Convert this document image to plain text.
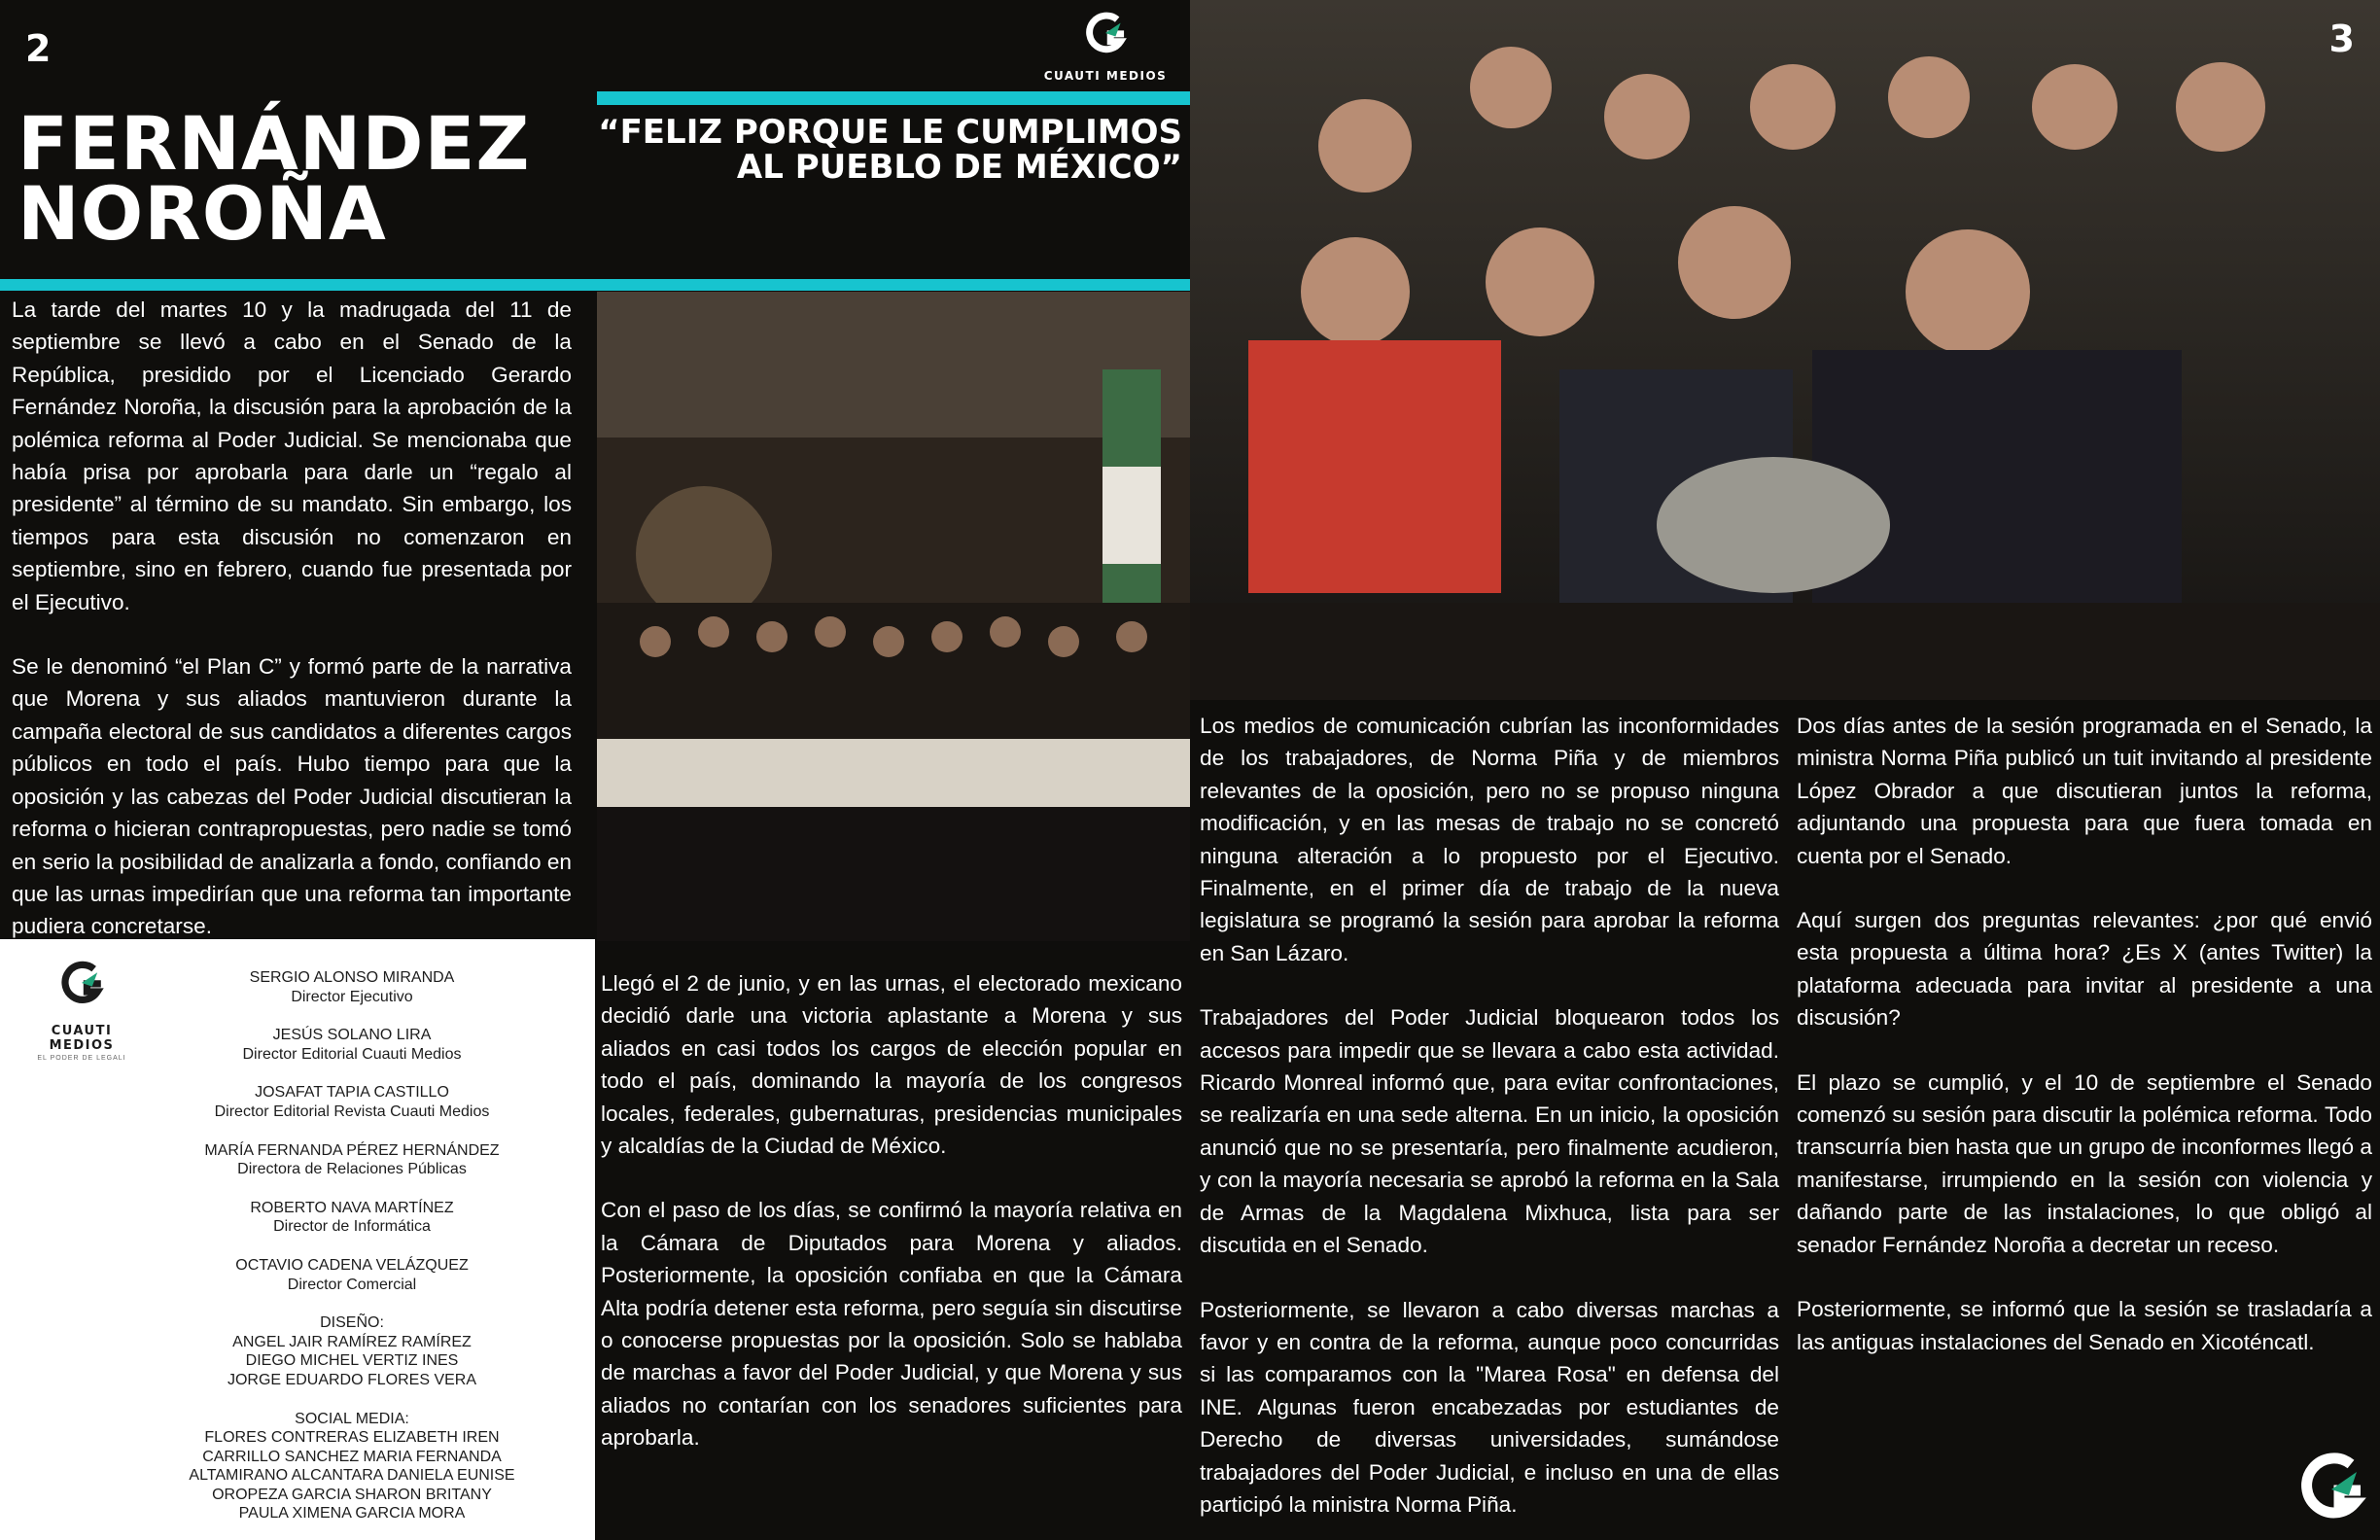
2
FERNÁNDEZ
NOROÑA
CUAUTI MEDIOS
“FELIZ PORQUE LE CUMPLIMOS
AL PUEBLO DE MÉXICO”

La tarde del martes 10 y la madrugada del 11 de septiembre se llevó a cabo en el Senado de la República, presidido por el Licenciado Gerardo Fernández Noroña, la discusión para la aprobación de la polémica reforma al Poder Judicial. Se mencionaba que había prisa por aprobarla para darle un “regalo al presidente” al término de su mandato. Sin embargo, los tiempos para esta discusión no comenzaron en septiembre, sino en febrero, cuando fue presentada por el Ejecutivo.

Se le denominó “el Plan C” y formó parte de la narrativa que Morena y sus aliados mantuvieron durante la campaña electoral de sus candidatos a diferentes cargos públicos en todo el país. Hubo tiempo para que la oposición y las cabezas del Poder Judicial discutieran la reforma o hicieran contrapropuestas, pero nadie se tomó en serio la posibilidad de analizarla a fondo, confiando en que las urnas impedirían que una reforma tan importante pudiera concretarse.

Llegó el 2 de junio, y en las urnas, el electorado mexicano decidió darle una victoria aplastante a Morena y sus aliados en casi todos los cargos de elección popular en todo el país, dominando la mayoría de los congresos locales, federales, gubernaturas, presidencias municipales y alcaldías de la Ciudad de México.

Con el paso de los días, se confirmó la mayoría relativa en la Cámara de Diputados para Morena y aliados. Posteriormente, la oposición confiaba en que la Cámara Alta podría detener esta reforma, pero seguía sin discutirse o conocerse propuestas por la oposición. Solo se hablaba de marchas a favor del Poder Judicial, y que Morena y sus aliados no contarían con los senadores suficientes para aprobarla.

CUAUTI MEDIOS
EL PODER DE LEGALI
SERGIO ALONSO MIRANDA
Director Ejecutivo
JESÚS SOLANO LIRA
Director Editorial Cuauti Medios
JOSAFAT TAPIA CASTILLO
Director Editorial Revista Cuauti Medios
MARÍA FERNANDA PÉREZ HERNÁNDEZ
Directora de Relaciones Públicas
ROBERTO NAVA MARTÍNEZ
Director de Informática
OCTAVIO CADENA VELÁZQUEZ
Director Comercial
DISEÑO:
ANGEL JAIR RAMÍREZ RAMÍREZ
DIEGO MICHEL VERTIZ INES
JORGE EDUARDO FLORES VERA
SOCIAL MEDIA:
FLORES CONTRERAS ELIZABETH IREN
CARRILLO SANCHEZ MARIA FERNANDA
ALTAMIRANO ALCANTARA DANIELA EUNISE
OROPEZA GARCIA SHARON BRITANY
PAULA XIMENA GARCIA MORA
3

Los medios de comunicación cubrían las inconformidades de los trabajadores, de Norma Piña y de miembros relevantes de la oposición, pero no se propuso ninguna modificación, y en las mesas de trabajo no se concretó ninguna alteración a lo propuesto por el Ejecutivo. Finalmente, en el primer día de trabajo de la nueva legislatura se programó la sesión para aprobar la reforma en San Lázaro.

Trabajadores del Poder Judicial bloquearon todos los accesos para impedir que se llevara a cabo esta actividad. Ricardo Monreal informó que, para evitar confrontaciones, se realizaría en una sede alterna. En un inicio, la oposición anunció que no se presentaría, pero finalmente acudieron, y con la mayoría necesaria se aprobó la reforma en la Sala de Armas de la Magdalena Mixhuca, lista para ser discutida en el Senado.

Posteriormente, se llevaron a cabo diversas marchas a favor y en contra de la reforma, aunque poco concurridas si las comparamos con la "Marea Rosa" en defensa del INE. Algunas fueron encabezadas por estudiantes de Derecho de diversas universidades, sumándose trabajadores del Poder Judicial, e incluso en una de ellas participó la ministra Norma Piña.

Dos días antes de la sesión programada en el Senado, la ministra Norma Piña publicó un tuit invitando al presidente López Obrador a que discutieran juntos la reforma, adjuntando una propuesta para que fuera tomada en cuenta por el Senado.

Aquí surgen dos preguntas relevantes: ¿por qué envió esta propuesta a última hora? ¿Es X (antes Twitter) la plataforma adecuada para invitar al presidente a una discusión?

El plazo se cumplió, y el 10 de septiembre el Senado comenzó su sesión para discutir la polémica reforma. Todo transcurría bien hasta que un grupo de inconformes llegó a manifestarse, irrumpiendo en la sesión con violencia y dañando parte de las instalaciones, lo que obligó al senador Fernández Noroña a decretar un receso.

Posteriormente, se informó que la sesión se trasladaría a las antiguas instalaciones del Senado en Xicoténcatl.
